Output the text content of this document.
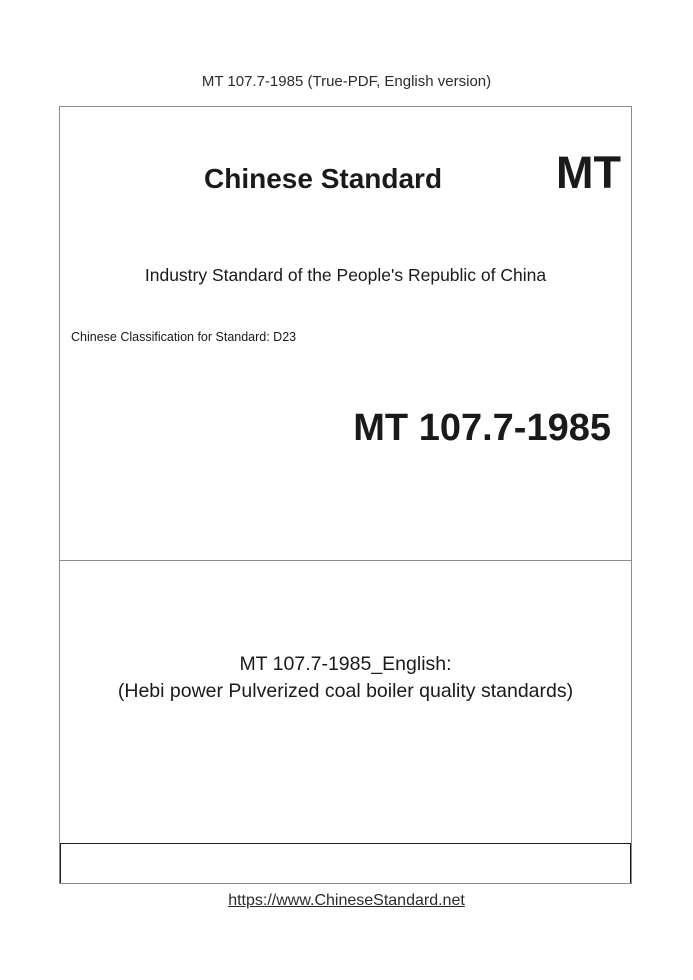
MT 107.7-1985 (True-PDF, English version)
Chinese Standard	MT
Industry Standard of the People's Republic of China
Chinese Classification for Standard: D23
MT 107.7-1985
MT 107.7-1985_English:
(Hebi power Pulverized coal boiler quality standards)
https://www.ChineseStandard.net
